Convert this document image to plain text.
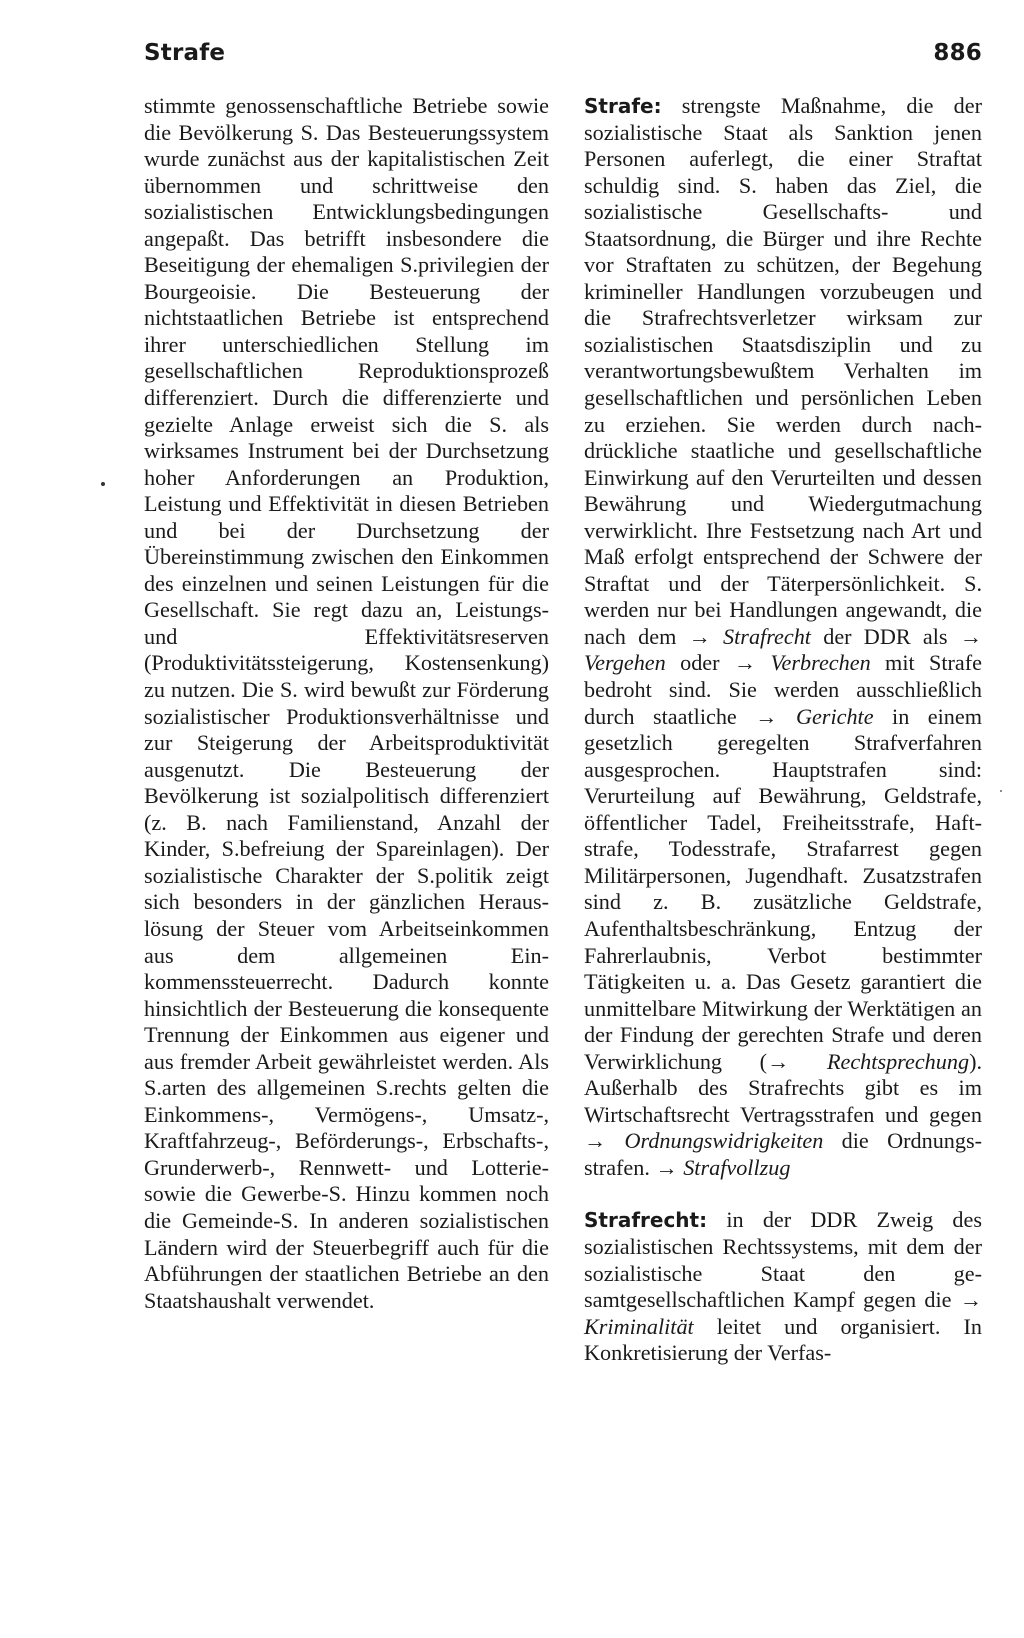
Strafe	886

stimmte genossenschaftliche Betriebe sowie die Bevölkerung S. Das Besteuerungssystem wurde zunächst aus der kapitalistischen Zeit übernommen und schrittweise den sozialistischen Entwicklungsbedingungen angepaßt. Das betrifft insbesondere die Beseitigung der ehemaligen S.privilegien der Bourgeoisie. Die Besteuerung der nichtstaatlichen Betriebe ist entsprechend ihrer unterschiedlichen Stellung im gesellschaftlichen Reproduktionsprozeß differenziert. Durch die differenzierte und gezielte Anlage erweist sich die S. als wirksames Instrument bei der Durchsetzung hoher Anforderungen an Produktion, Leistung und Effektivität in diesen Betrieben und bei der Durchsetzung der Übereinstimmung zwischen den Einkommen des einzelnen und seinen Leistungen für die Gesellschaft. Sie regt dazu an, Leistungs- und Effektivitätsreserven (Produktivitätssteigerung, Kostensenkung) zu nutzen. Die S. wird bewußt zur Förderung sozialistischer Produktionsverhältnisse und zur Steigerung der Arbeitsproduktivität ausgenutzt. Die Besteuerung der Bevölkerung ist sozialpolitisch differenziert (z. B. nach Familienstand, Anzahl der Kinder, S.befreiung der Spareinlagen). Der sozialistische Charakter der S.politik zeigt sich besonders in der gänzlichen Herauslösung der Steuer vom Arbeitseinkommen aus dem allgemeinen Einkommenssteuerrecht. Dadurch konnte hinsichtlich der Besteuerung die konsequente Trennung der Einkommen aus eigener und aus fremder Arbeit gewährleistet werden. Als S.arten des allgemeinen S.rechts gelten die Einkommens-, Vermögens-, Umsatz-, Kraftfahrzeug-, Beförderungs-, Erbschafts-, Grunderwerb-, Rennwett- und Lotterie- sowie die Gewerbe-S. Hinzu kommen noch die Gemeinde-S. In anderen sozialistischen Ländern wird der Steuerbegriff auch für die Abführungen der staatlichen Betriebe an den Staatshaushalt verwendet.

Strafe: strengste Maßnahme, die der sozialistische Staat als Sanktion jenen Personen auferlegt, die einer Straftat schuldig sind. S. haben das Ziel, die sozialistische Gesellschafts- und Staatsordnung, die Bürger und ihre Rechte vor Straftaten zu schützen, der Begehung krimineller Handlungen vorzubeugen und die Strafrechtsverletzer wirksam zur sozialistischen Staatsdisziplin und zu verantwortungsbewußtem Verhalten im gesellschaftlichen und persönlichen Leben zu erziehen. Sie werden durch nachdrückliche staatliche und gesellschaftliche Einwirkung auf den Verurteilten und dessen Bewährung und Wiedergutmachung verwirklicht. Ihre Festsetzung nach Art und Maß erfolgt entsprechend der Schwere der Straftat und der Täterpersönlichkeit. S. werden nur bei Handlungen angewandt, die nach dem → Strafrecht der DDR als → Vergehen oder → Verbrechen mit Strafe bedroht sind. Sie werden ausschließlich durch staatliche → Gerichte in einem gesetzlich geregelten Strafverfahren ausgesprochen. Hauptstrafen sind: Verurteilung auf Bewährung, Geldstrafe, öffentlicher Tadel, Freiheitsstrafe, Haftstrafe, Todesstrafe, Strafarrest gegen Militärpersonen, Jugendhaft. Zusatzstrafen sind z. B. zusätzliche Geldstrafe, Aufenthaltsbeschränkung, Entzug der Fahrerlaubnis, Verbot bestimmter Tätigkeiten u. a. Das Gesetz garantiert die unmittelbare Mitwirkung der Werktätigen an der Findung der gerechten Strafe und deren Verwirklichung (→ Rechtsprechung). Außerhalb des Strafrechts gibt es im Wirtschaftsrecht Vertragsstrafen und gegen → Ordnungswidrigkeiten die Ordnungsstrafen. → Strafvollzug

Strafrecht: in der DDR Zweig des sozialistischen Rechtssystems, mit dem der sozialistische Staat den gesamtgesellschaftlichen Kampf gegen die → Kriminalität leitet und organisiert. In Konkretisierung der Verfas-
